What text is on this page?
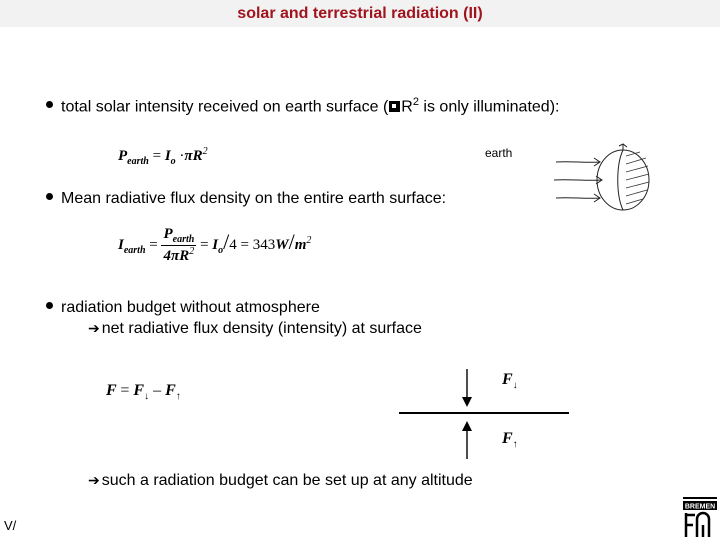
solar and terrestrial radiation (II)
total solar intensity received on earth surface ( $R^2$ is only illuminated):
$P_{earth} = I_o \cdot\pi R^2$	earth
Mean radiative flux density on the entire earth surface:
$I_{earth} = \frac{P_{earth}}{4\pi R^2} = I_o/4 = 343W/m^2$
radiation budget without atmosphere
➔ net radiative flux density (intensity) at surface
$F = F_↓ - F_↑$
$F_↓$
$F_↑$
➔ such a radiation budget can be set up at any altitude
V/
BREMEN
